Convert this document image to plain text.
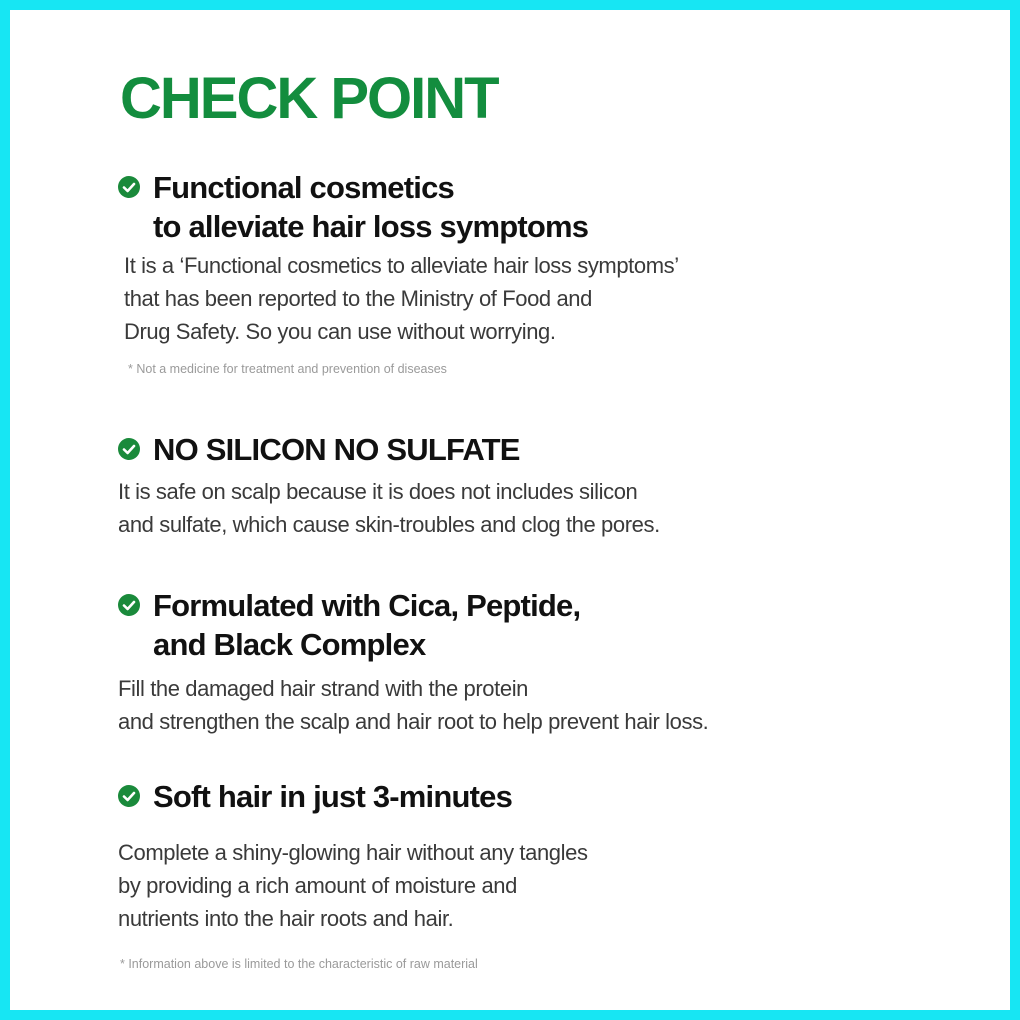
CHECK POINT
Functional cosmetics
to alleviate hair loss symptoms

It is a ‘Functional cosmetics to alleviate hair loss symptoms’
that has been reported to the Ministry of Food and
Drug Safety. So you can use without worrying.

* Not a medicine for treatment and prevention of diseases

NO SILICON NO SULFATE

It is safe on scalp because it is does not includes silicon
and sulfate, which cause skin-troubles and clog the pores.

Formulated with Cica, Peptide,
and Black Complex

Fill the damaged hair strand with the protein
and strengthen the scalp and hair root to help prevent hair loss.

Soft hair in just 3-minutes

Complete a shiny-glowing hair without any tangles
by providing a rich amount of moisture and
nutrients into the hair roots and hair.

* Information above is limited to the characteristic of raw material
